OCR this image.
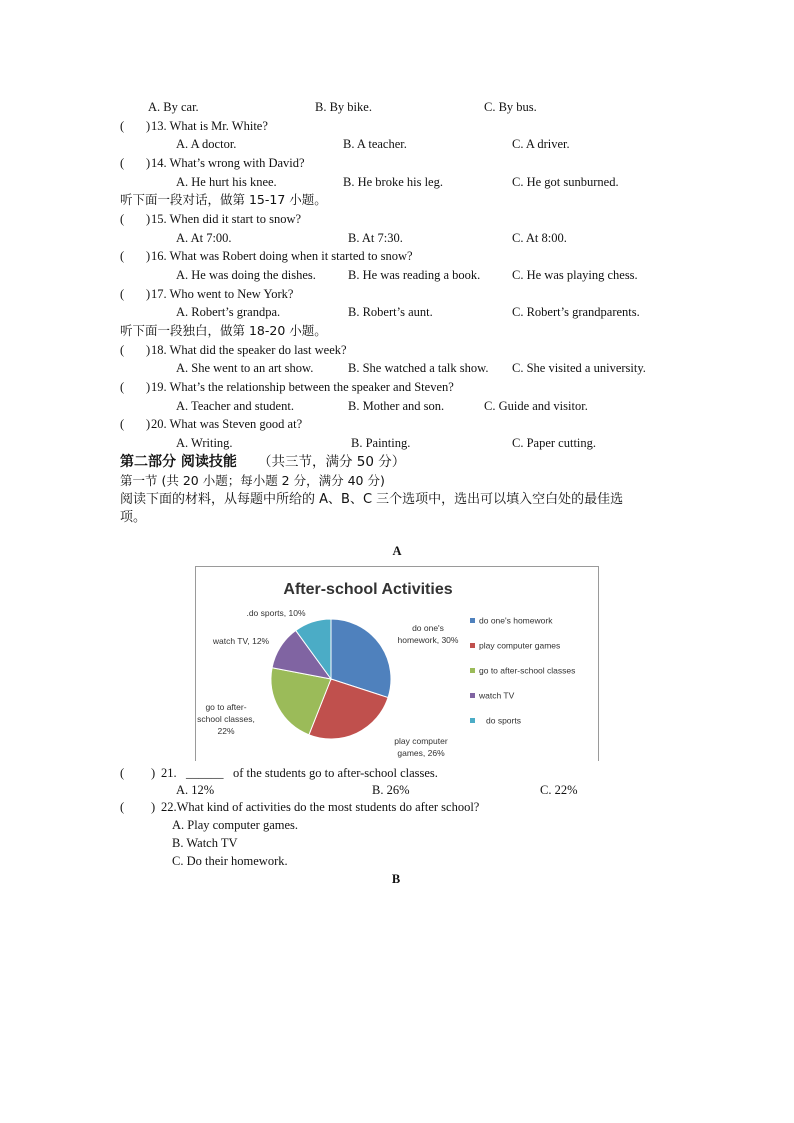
A. By car.	B. By bike.	C. By bus.
( ) 13. What is Mr. White?
A. A doctor.	B. A teacher.	C. A driver.
( ) 14. What’s wrong with David?
A. He hurt his knee.	B. He broke his leg.	C. He got sunburned.
听下面一段对话，做第 15-17 小题。
( ) 15. When did it start to snow?
A. At 7:00.	B. At 7:30.	C. At 8:00.
( ) 16. What was Robert doing when it started to snow?
A. He was doing the dishes.	B. He was reading a book.	C. He was playing chess.
( ) 17. Who went to New York?
A. Robert’s grandpa.	B. Robert’s aunt.	C. Robert’s grandparents.
听下面一段独白，做第 18-20 小题。
( ) 18. What did the speaker do last week?
A. She went to an art show.	B. She watched a talk show. C. She visited a university.
( ) 19. What’s the relationship between the speaker and Steven?
A. Teacher and student.	B. Mother and son.	C. Guide and visitor.
( ) 20. What was Steven good at?
A. Writing.	B. Painting.	C. Paper cutting.
第二部分 阅读技能 （共三节，满分 50 分）
第一节 (共 20 小题；每小题 2 分，满分 40 分)
阅读下面的材料，从每题中所给的 A、B、C 三个选项中，选出可以填入空白处的最佳选
项。
A
After-school Activities
do one's homework, 30%
play computer games, 26%
go to after-school classes, 22%
watch TV, 12%
.do sports, 10%
do one's homework
play computer games
go to after-school classes
watch TV
do sports
( ) 21. ______ of the students go to after-school classes.
A. 12%	B. 26%	C. 22%
( ) 22.What kind of activities do the most students do after school?
A. Play computer games.
B. Watch TV
C. Do their homework.
B
